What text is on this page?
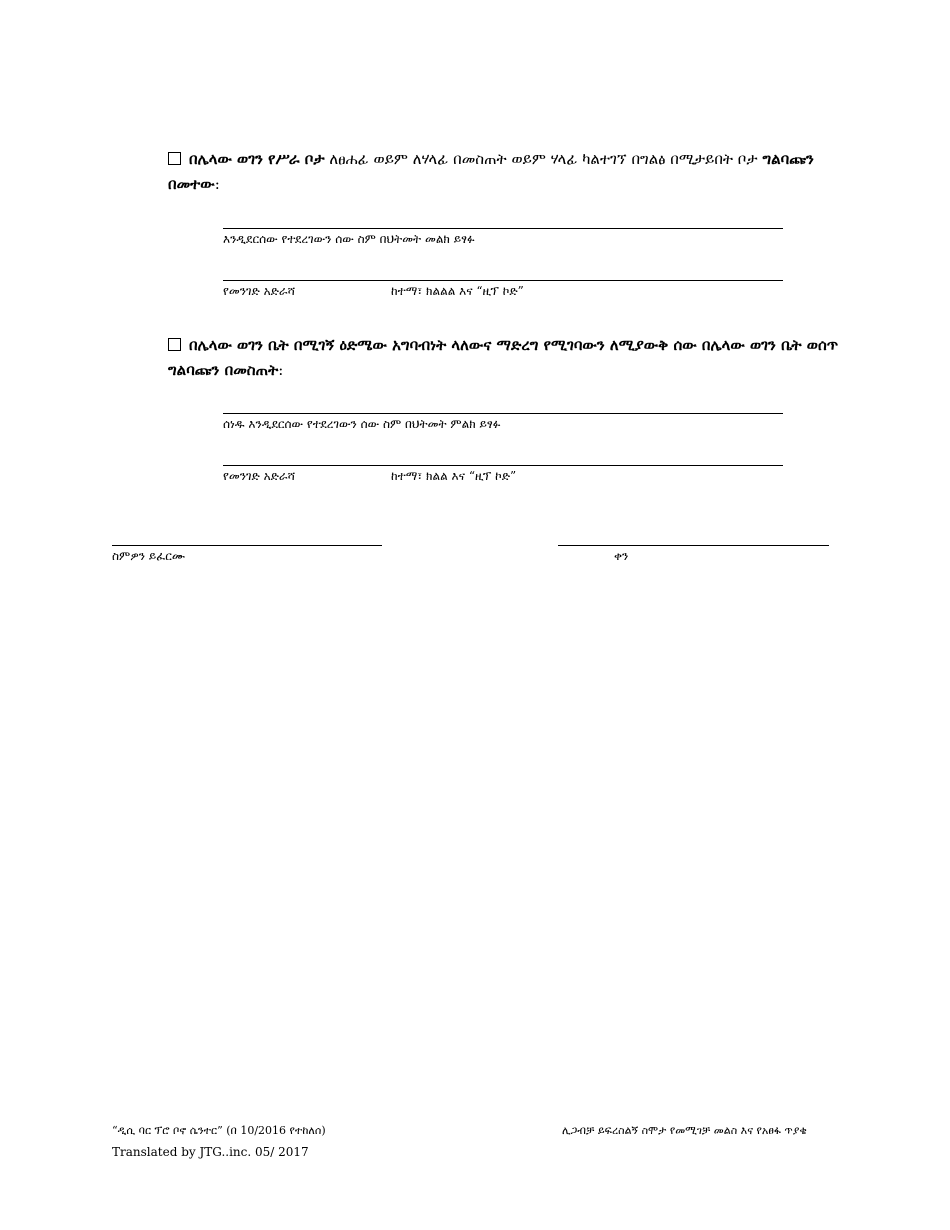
በሌላው ወገን የሥራ ቦታ ለፀሐፊ ወይም ለሃላፊ በመስጠት ወይም ሃላፊ ካልተገኘ በግልፅ በሚታይበት ቦታ ግልባጩን በመተው:
እንዲደርሰው የተደረገውን ሰው ስም በህትመት መልክ ይፃፉ
የመንገድ አድራሻ	ከተማ፣ ክልልል እና “ዚፕ ኮድ”
በሌላው ወገን ቤት በሚገኝ ዕድሜው አግባብነት ላለውና ማድረግ የሚገባውን ለሚያውቅ ሰው በሌላው ወገን ቤት ወሰጥ ግልባጩን በመስጠት:
ሰነዱ እንዲደርሰው የተደረገውን ሰው ስም በህትመት ምልክ ይፃፉ
የመንገድ አድራሻ	ከተማ፣ ክልል እና “ዚፕ ኮድ”
ስምዎን ይፈርሙ	ቀን
“ዲሲ ባር ፕሮ ቦኖ ሴንተር” (በ 10/2016 የተከለሰ)
Translated by JTG..inc. 05/ 2017
ሊጋብቻ ይፍረስልኝ ስሞታ የመሚገቻ መልስ እና የአፀፋ ጥያቄ
